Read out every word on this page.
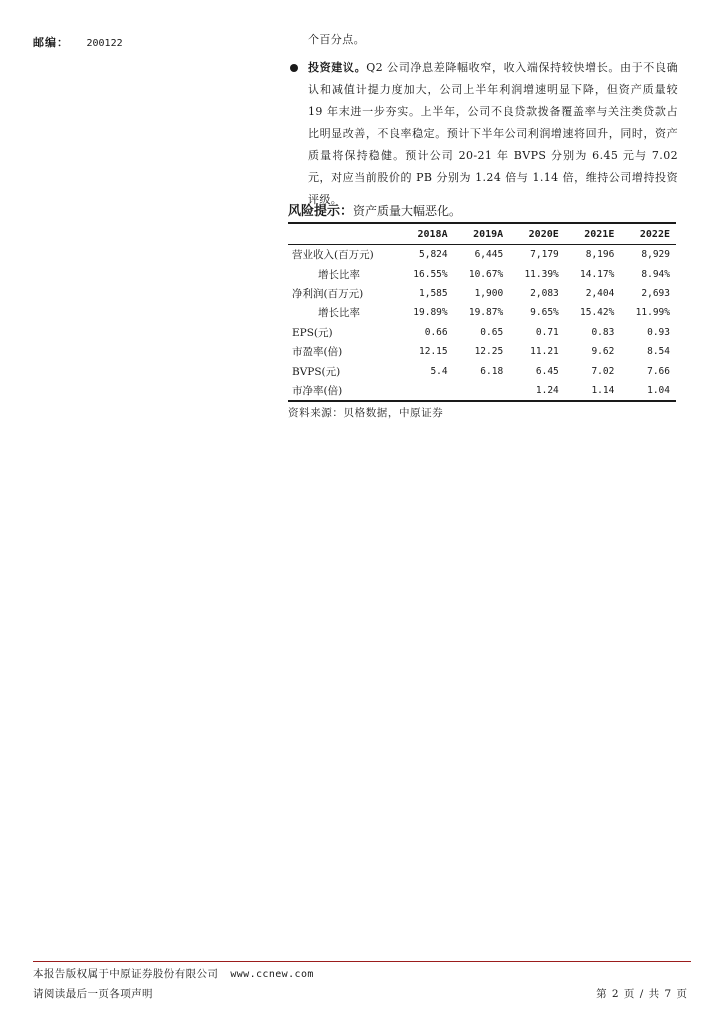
邮编： 200122	个百分点。
投资建议。Q2 公司净息差降幅收窄，收入端保持较快增长。由于不良确认和减值计提力度加大，公司上半年利润增速明显下降，但资产质量较 19 年末进一步夯实。上半年，公司不良贷款拨备覆盖率与关注类贷款占比明显改善，不良率稳定。预计下半年公司利润增速将回升，同时，资产质量将保持稳健。预计公司 20-21 年 BVPS 分别为 6.45 元与 7.02 元，对应当前股价的 PB 分别为 1.24 倍与 1.14 倍，维持公司增持投资评级。
风险提示：资产质量大幅恶化。
	2018A	2019A	2020E	2021E	2022E
营业收入(百万元)	5,824	6,445	7,179	8,196	8,929
增长比率	16.55%	10.67%	11.39%	14.17%	8.94%
净利润(百万元)	1,585	1,900	2,083	2,404	2,693
增长比率	19.89%	19.87%	9.65%	15.42%	11.99%
EPS(元)	0.66	0.65	0.71	0.83	0.93
市盈率(倍)	12.15	12.25	11.21	9.62	8.54
BVPS(元)	5.4	6.18	6.45	7.02	7.66
市净率(倍)			1.24	1.14	1.04
资料来源：贝格数据，中原证券
本报告版权属于中原证券股份有限公司 www.ccnew.com
请阅读最后一页各项声明	第 2 页 / 共 7 页
